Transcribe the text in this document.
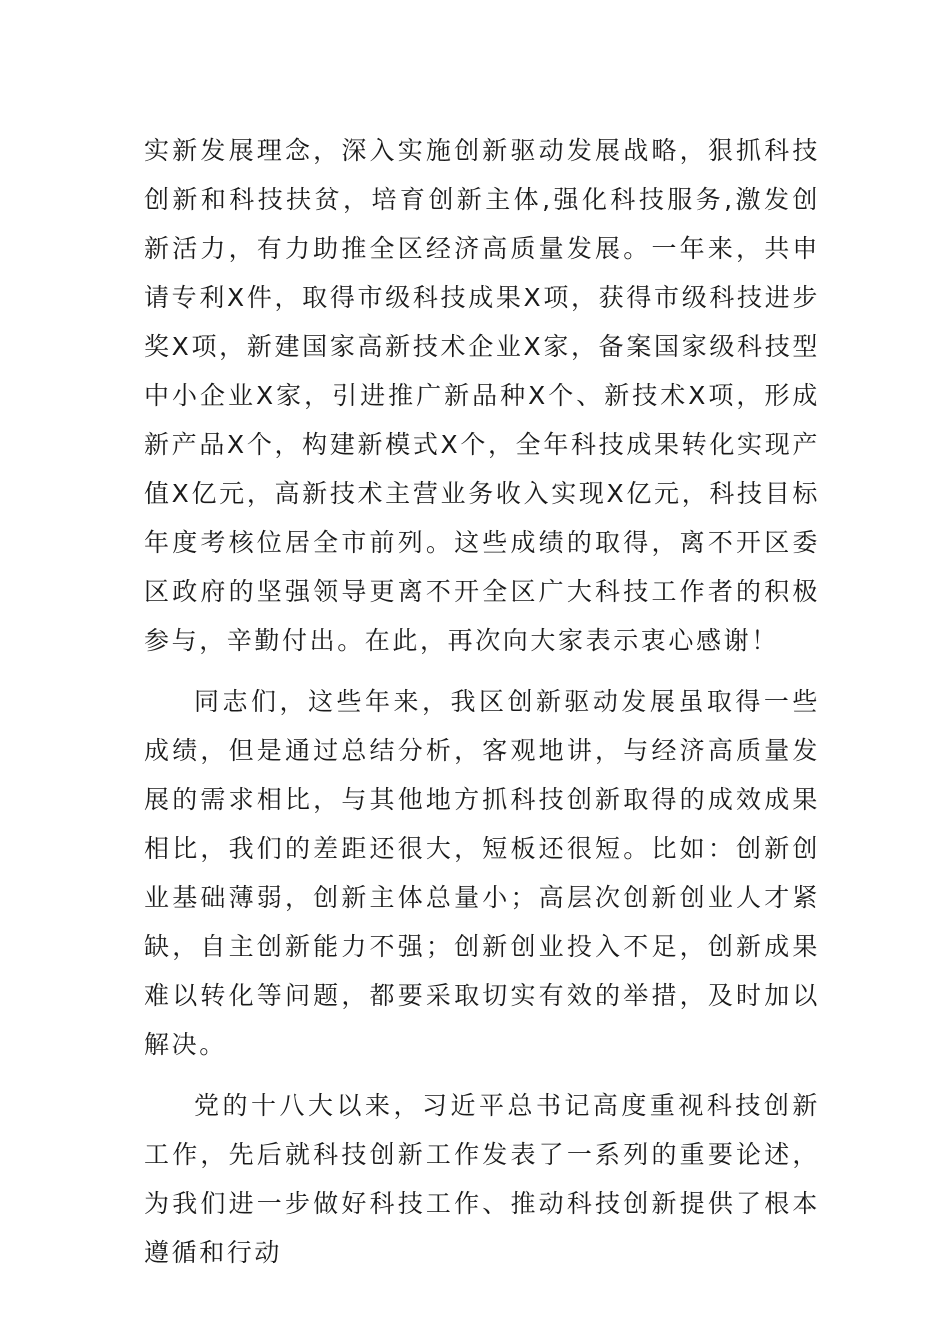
实新发展理念，深入实施创新驱动发展战略，狠抓科技创新和科技扶贫，培育创新主体,强化科技服务,激发创新活力，有力助推全区经济高质量发展。一年来，共申请专利X件，取得市级科技成果X项，获得市级科技进步奖X项，新建国家高新技术企业X家，备案国家级科技型中小企业X家，引进推广新品种X个、新技术X项，形成新产品X个，构建新模式X个，全年科技成果转化实现产值X亿元，高新技术主营业务收入实现X亿元，科技目标年度考核位居全市前列。这些成绩的取得，离不开区委区政府的坚强领导更离不开全区广大科技工作者的积极参与，辛勤付出。在此，再次向大家表示衷心感谢！

同志们，这些年来，我区创新驱动发展虽取得一些成绩，但是通过总结分析，客观地讲，与经济高质量发展的需求相比，与其他地方抓科技创新取得的成效成果相比，我们的差距还很大，短板还很短。比如：创新创业基础薄弱，创新主体总量小；高层次创新创业人才紧缺，自主创新能力不强；创新创业投入不足，创新成果难以转化等问题，都要采取切实有效的举措，及时加以解决。

党的十八大以来，习近平总书记高度重视科技创新工作，先后就科技创新工作发表了一系列的重要论述，为我们进一步做好科技工作、推动科技创新提供了根本遵循和行动
